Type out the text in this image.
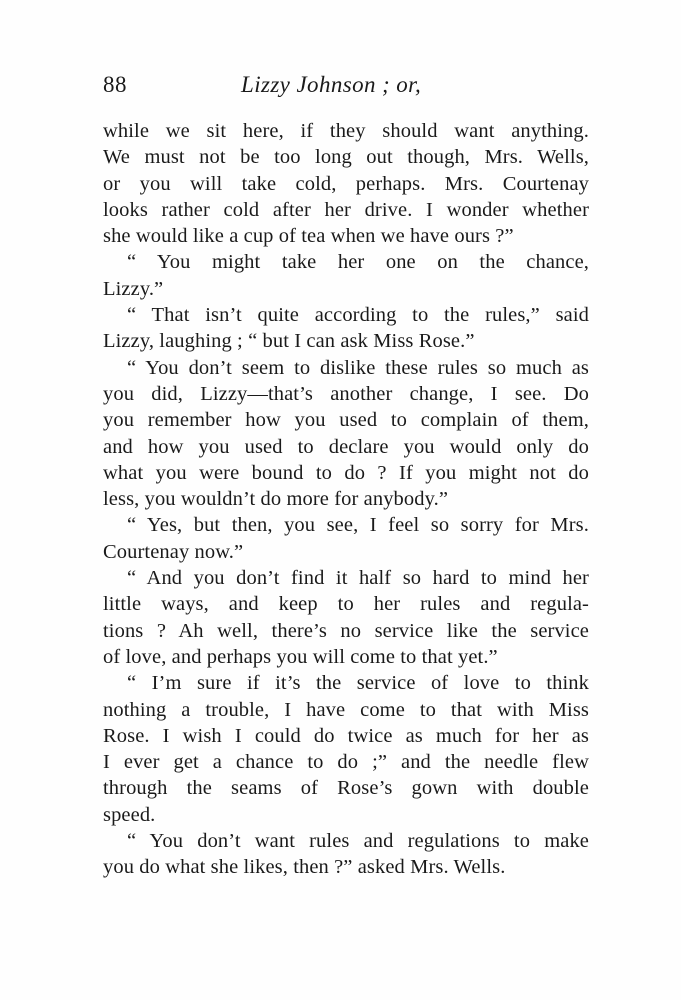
88	Lizzy Johnson ; or,
while we sit here, if they should want anything.
We must not be too long out though, Mrs. Wells,
or you will take cold, perhaps. Mrs. Courtenay
looks rather cold after her drive. I wonder whether
she would like a cup of tea when we have ours ?”
“ You might take her one on the chance,
Lizzy.”
“ That isn’t quite according to the rules,” said
Lizzy, laughing ; “ but I can ask Miss Rose.”
“ You don’t seem to dislike these rules so much as
you did, Lizzy—that’s another change, I see. Do
you remember how you used to complain of them,
and how you used to declare you would only do
what you were bound to do ? If you might not do
less, you wouldn’t do more for anybody.”
“ Yes, but then, you see, I feel so sorry for Mrs.
Courtenay now.”
“ And you don’t find it half so hard to mind her
little ways, and keep to her rules and regula-
tions ? Ah well, there’s no service like the service
of love, and perhaps you will come to that yet.”
“ I’m sure if it’s the service of love to think
nothing a trouble, I have come to that with Miss
Rose. I wish I could do twice as much for her as
I ever get a chance to do ;” and the needle flew
through the seams of Rose’s gown with double
speed.
“ You don’t want rules and regulations to make
you do what she likes, then ?” asked Mrs. Wells.
